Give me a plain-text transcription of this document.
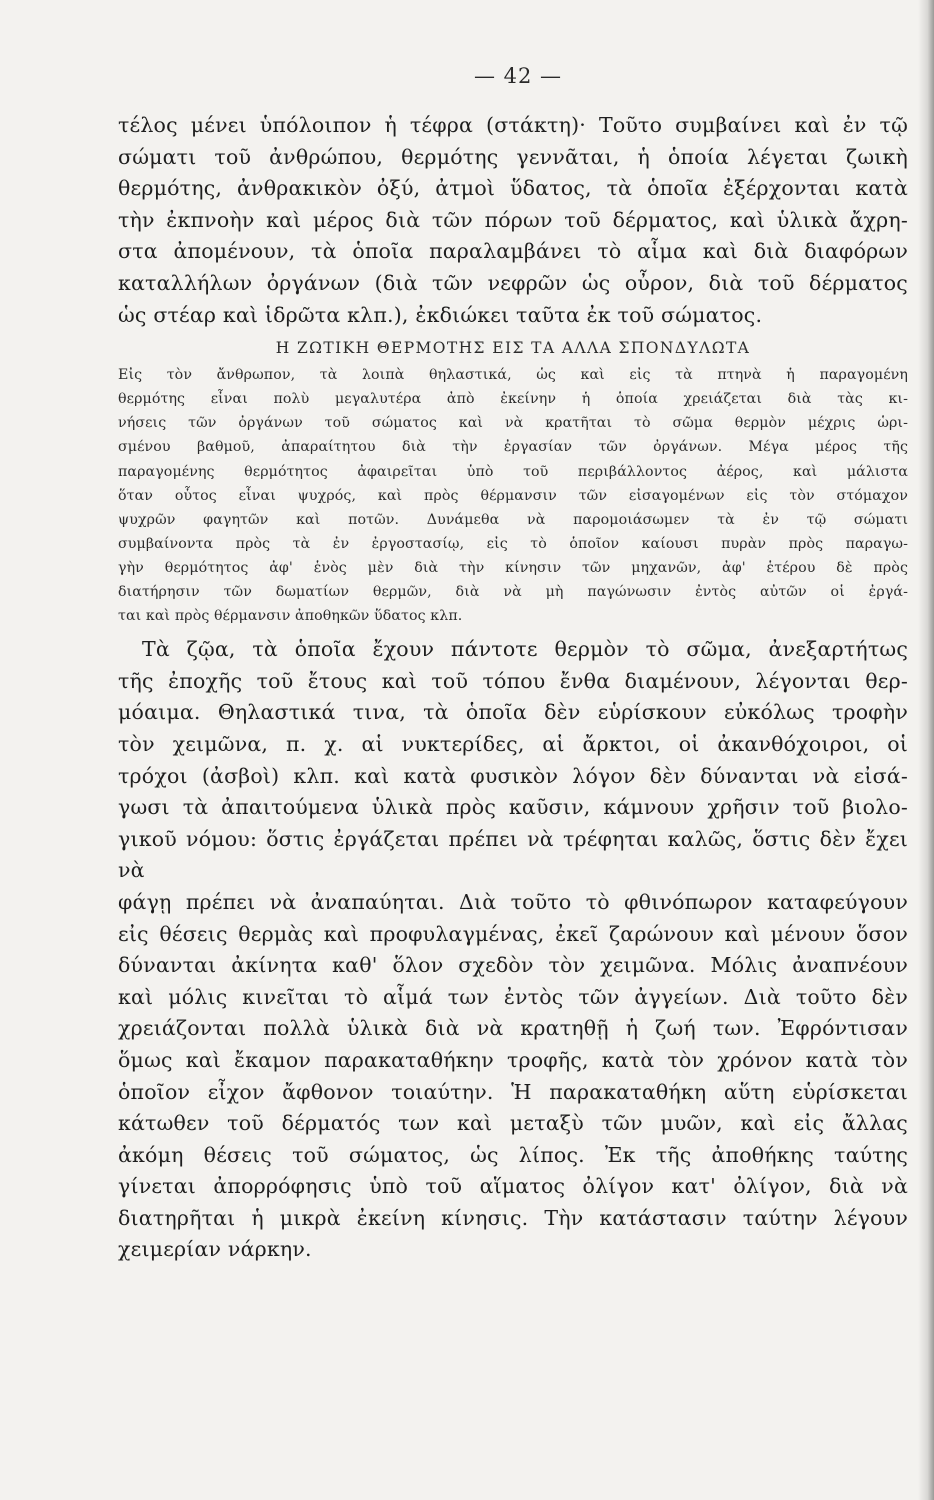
— 42 —
τέλος μένει ὑπόλοιπον ἡ τέφρα (στάκτη)· Τοῦτο συμβαίνει καὶ ἐν τῷ
σώματι τοῦ ἀνθρώπου, θερμότης γεννᾶται, ἡ ὁποία λέγεται ζωικὴ
θερμότης, ἀνθρακικὸν ὀξύ, ἀτμοὶ ὕδατος, τὰ ὁποῖα ἐξέρχονται κατὰ
τὴν ἐκπνοὴν καὶ μέρος διὰ τῶν πόρων τοῦ δέρματος, καὶ ὑλικὰ ἄχρη-
στα ἀπομένουν, τὰ ὁποῖα παραλαμβάνει τὸ αἷμα καὶ διὰ διαφόρων
καταλλήλων ὀργάνων (διὰ τῶν νεφρῶν ὡς οὖρον, διὰ τοῦ δέρματος
ὡς στέαρ καὶ ἱδρῶτα κλπ.), ἐκδιώκει ταῦτα ἐκ τοῦ σώματος.
Η ΖΩΤΙΚΗ ΘΕΡΜΟΤΗΣ ΕΙΣ ΤΑ ΑΛΛΑ ΣΠΟΝΔΥΛΩΤΑ
Εἰς τὸν ἄνθρωπον, τὰ λοιπὰ θηλαστικά, ὡς καὶ εἰς τὰ πτηνὰ ἡ παραγομένη
θερμότης εἶναι πολὺ μεγαλυτέρα ἀπὸ ἐκείνην ἡ ὁποία χρειάζεται διὰ τὰς κι-
νήσεις τῶν ὀργάνων τοῦ σώματος καὶ νὰ κρατῆται τὸ σῶμα θερμὸν μέχρις ὡρι-
σμένου βαθμοῦ, ἀπαραίτητου διὰ τὴν ἐργασίαν τῶν ὀργάνων. Μέγα μέρος τῆς
παραγομένης θερμότητος ἀφαιρεῖται ὑπὸ τοῦ περιβάλλοντος ἀέρος, καὶ μάλιστα
ὅταν οὗτος εἶναι ψυχρός, καὶ πρὸς θέρμανσιν τῶν εἰσαγομένων εἰς τὸν στόμαχον
ψυχρῶν φαγητῶν καὶ ποτῶν. Δυνάμεθα νὰ παρομοιάσωμεν τὰ ἐν τῷ σώματι
συμβαίνοντα πρὸς τὰ ἐν ἐργοστασίῳ, εἰς τὸ ὁποῖον καίουσι πυρὰν πρὸς παραγω-
γὴν θερμότητος ἀφ' ἑνὸς μὲν διὰ τὴν κίνησιν τῶν μηχανῶν, ἀφ' ἑτέρου δὲ πρὸς
διατήρησιν τῶν δωματίων θερμῶν, διὰ νὰ μὴ παγώνωσιν ἐντὸς αὐτῶν οἱ ἐργά-
ται καὶ πρὸς θέρμανσιν ἀποθηκῶν ὕδατος κλπ.
Τὰ ζῷα, τὰ ὁποῖα ἔχουν πάντοτε θερμὸν τὸ σῶμα, ἀνεξαρτήτως
τῆς ἐποχῆς τοῦ ἔτους καὶ τοῦ τόπου ἔνθα διαμένουν, λέγονται θερ-
μόαιμα. Θηλαστικά τινα, τὰ ὁποῖα δὲν εὑρίσκουν εὐκόλως τροφὴν
τὸν χειμῶνα, π. χ. αἱ νυκτερίδες, αἱ ἄρκτοι, οἱ ἀκανθόχοιροι, οἱ
τρόχοι (ἀσβοὶ) κλπ. καὶ κατὰ φυσικὸν λόγον δὲν δύνανται νὰ εἰσά-
γωσι τὰ ἀπαιτούμενα ὑλικὰ πρὸς καῦσιν, κάμνουν χρῆσιν τοῦ βιολο-
γικοῦ νόμου: ὅστις ἐργάζεται πρέπει νὰ τρέφηται καλῶς, ὅστις δὲν ἔχει νὰ
φάγῃ πρέπει νὰ ἀναπαύηται. Διὰ τοῦτο τὸ φθινόπωρον καταφεύγουν
εἰς θέσεις θερμὰς καὶ προφυλαγμένας, ἐκεῖ ζαρώνουν καὶ μένουν ὅσον
δύνανται ἀκίνητα καθ' ὅλον σχεδὸν τὸν χειμῶνα. Μόλις ἀναπνέουν
καὶ μόλις κινεῖται τὸ αἷμά των ἐντὸς τῶν ἀγγείων. Διὰ τοῦτο δὲν
χρειάζονται πολλὰ ὑλικὰ διὰ νὰ κρατηθῇ ἡ ζωή των. Ἐφρόντισαν
ὅμως καὶ ἔκαμον παρακαταθήκην τροφῆς, κατὰ τὸν χρόνον κατὰ τὸν
ὁποῖον εἶχον ἄφθονον τοιαύτην. Ἡ παρακαταθήκη αὕτη εὑρίσκεται
κάτωθεν τοῦ δέρματός των καὶ μεταξὺ τῶν μυῶν, καὶ εἰς ἄλλας
ἀκόμη θέσεις τοῦ σώματος, ὡς λίπος. Ἐκ τῆς ἀποθήκης ταύτης
γίνεται ἀπορρόφησις ὑπὸ τοῦ αἵματος ὀλίγον κατ' ὀλίγον, διὰ νὰ
διατηρῆται ἡ μικρὰ ἐκείνη κίνησις. Τὴν κατάστασιν ταύτην λέγουν
χειμερίαν νάρκην.
